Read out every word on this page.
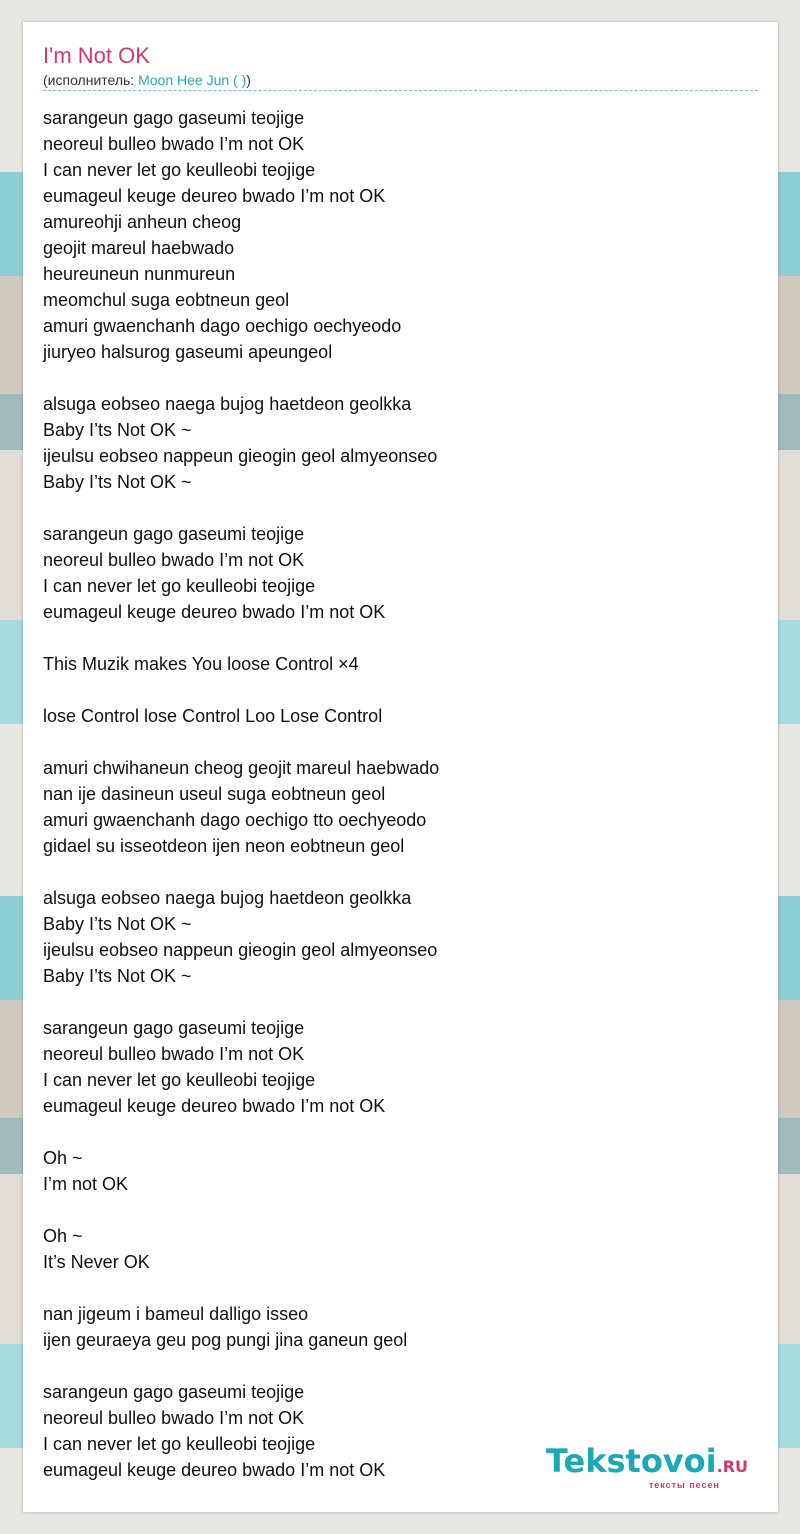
I'm Not OK
(исполнитель: Moon Hee Jun ( ))
sarangeun gago gaseumi teojige
neoreul bulleo bwado I’m not OK
I can never let go keulleobi teojige
eumageul keuge deureo bwado I’m not OK
amureohji anheun cheog
geojit mareul haebwado
heureuneun nunmureun
meomchul suga eobtneun geol
amuri gwaenchanh dago oechigo oechyeodo
jiuryeo halsurog gaseumi apeungeol
alsuga eobseo naega bujog haetdeon geolkka
Baby I’ts Not OK ~
ijeulsu eobseo nappeun gieogin geol almyeonseo
Baby I’ts Not OK ~
sarangeun gago gaseumi teojige
neoreul bulleo bwado I’m not OK
I can never let go keulleobi teojige
eumageul keuge deureo bwado I’m not OK
This Muzik makes You loose Control ×4
lose Control lose Control Loo Lose Control
amuri chwihaneun cheog geojit mareul haebwado
nan ije dasineun useul suga eobtneun geol
amuri gwaenchanh dago oechigo tto oechyeodo
gidael su isseotdeon ijen neon eobtneun geol
alsuga eobseo naega bujog haetdeon geolkka
Baby I’ts Not OK ~
ijeulsu eobseo nappeun gieogin geol almyeonseo
Baby I’ts Not OK ~
sarangeun gago gaseumi teojige
neoreul bulleo bwado I’m not OK
I can never let go keulleobi teojige
eumageul keuge deureo bwado I’m not OK
Oh ~
I’m not OK
Oh ~
It’s Never OK
nan jigeum i bameul dalligo isseo
ijen geuraeya geu pog pungi jina ganeun geol
sarangeun gago gaseumi teojige
neoreul bulleo bwado I’m not OK
I can never let go keulleobi teojige
eumageul keuge deureo bwado I’m not OK	Tekstovoi.RU
тексты песен
